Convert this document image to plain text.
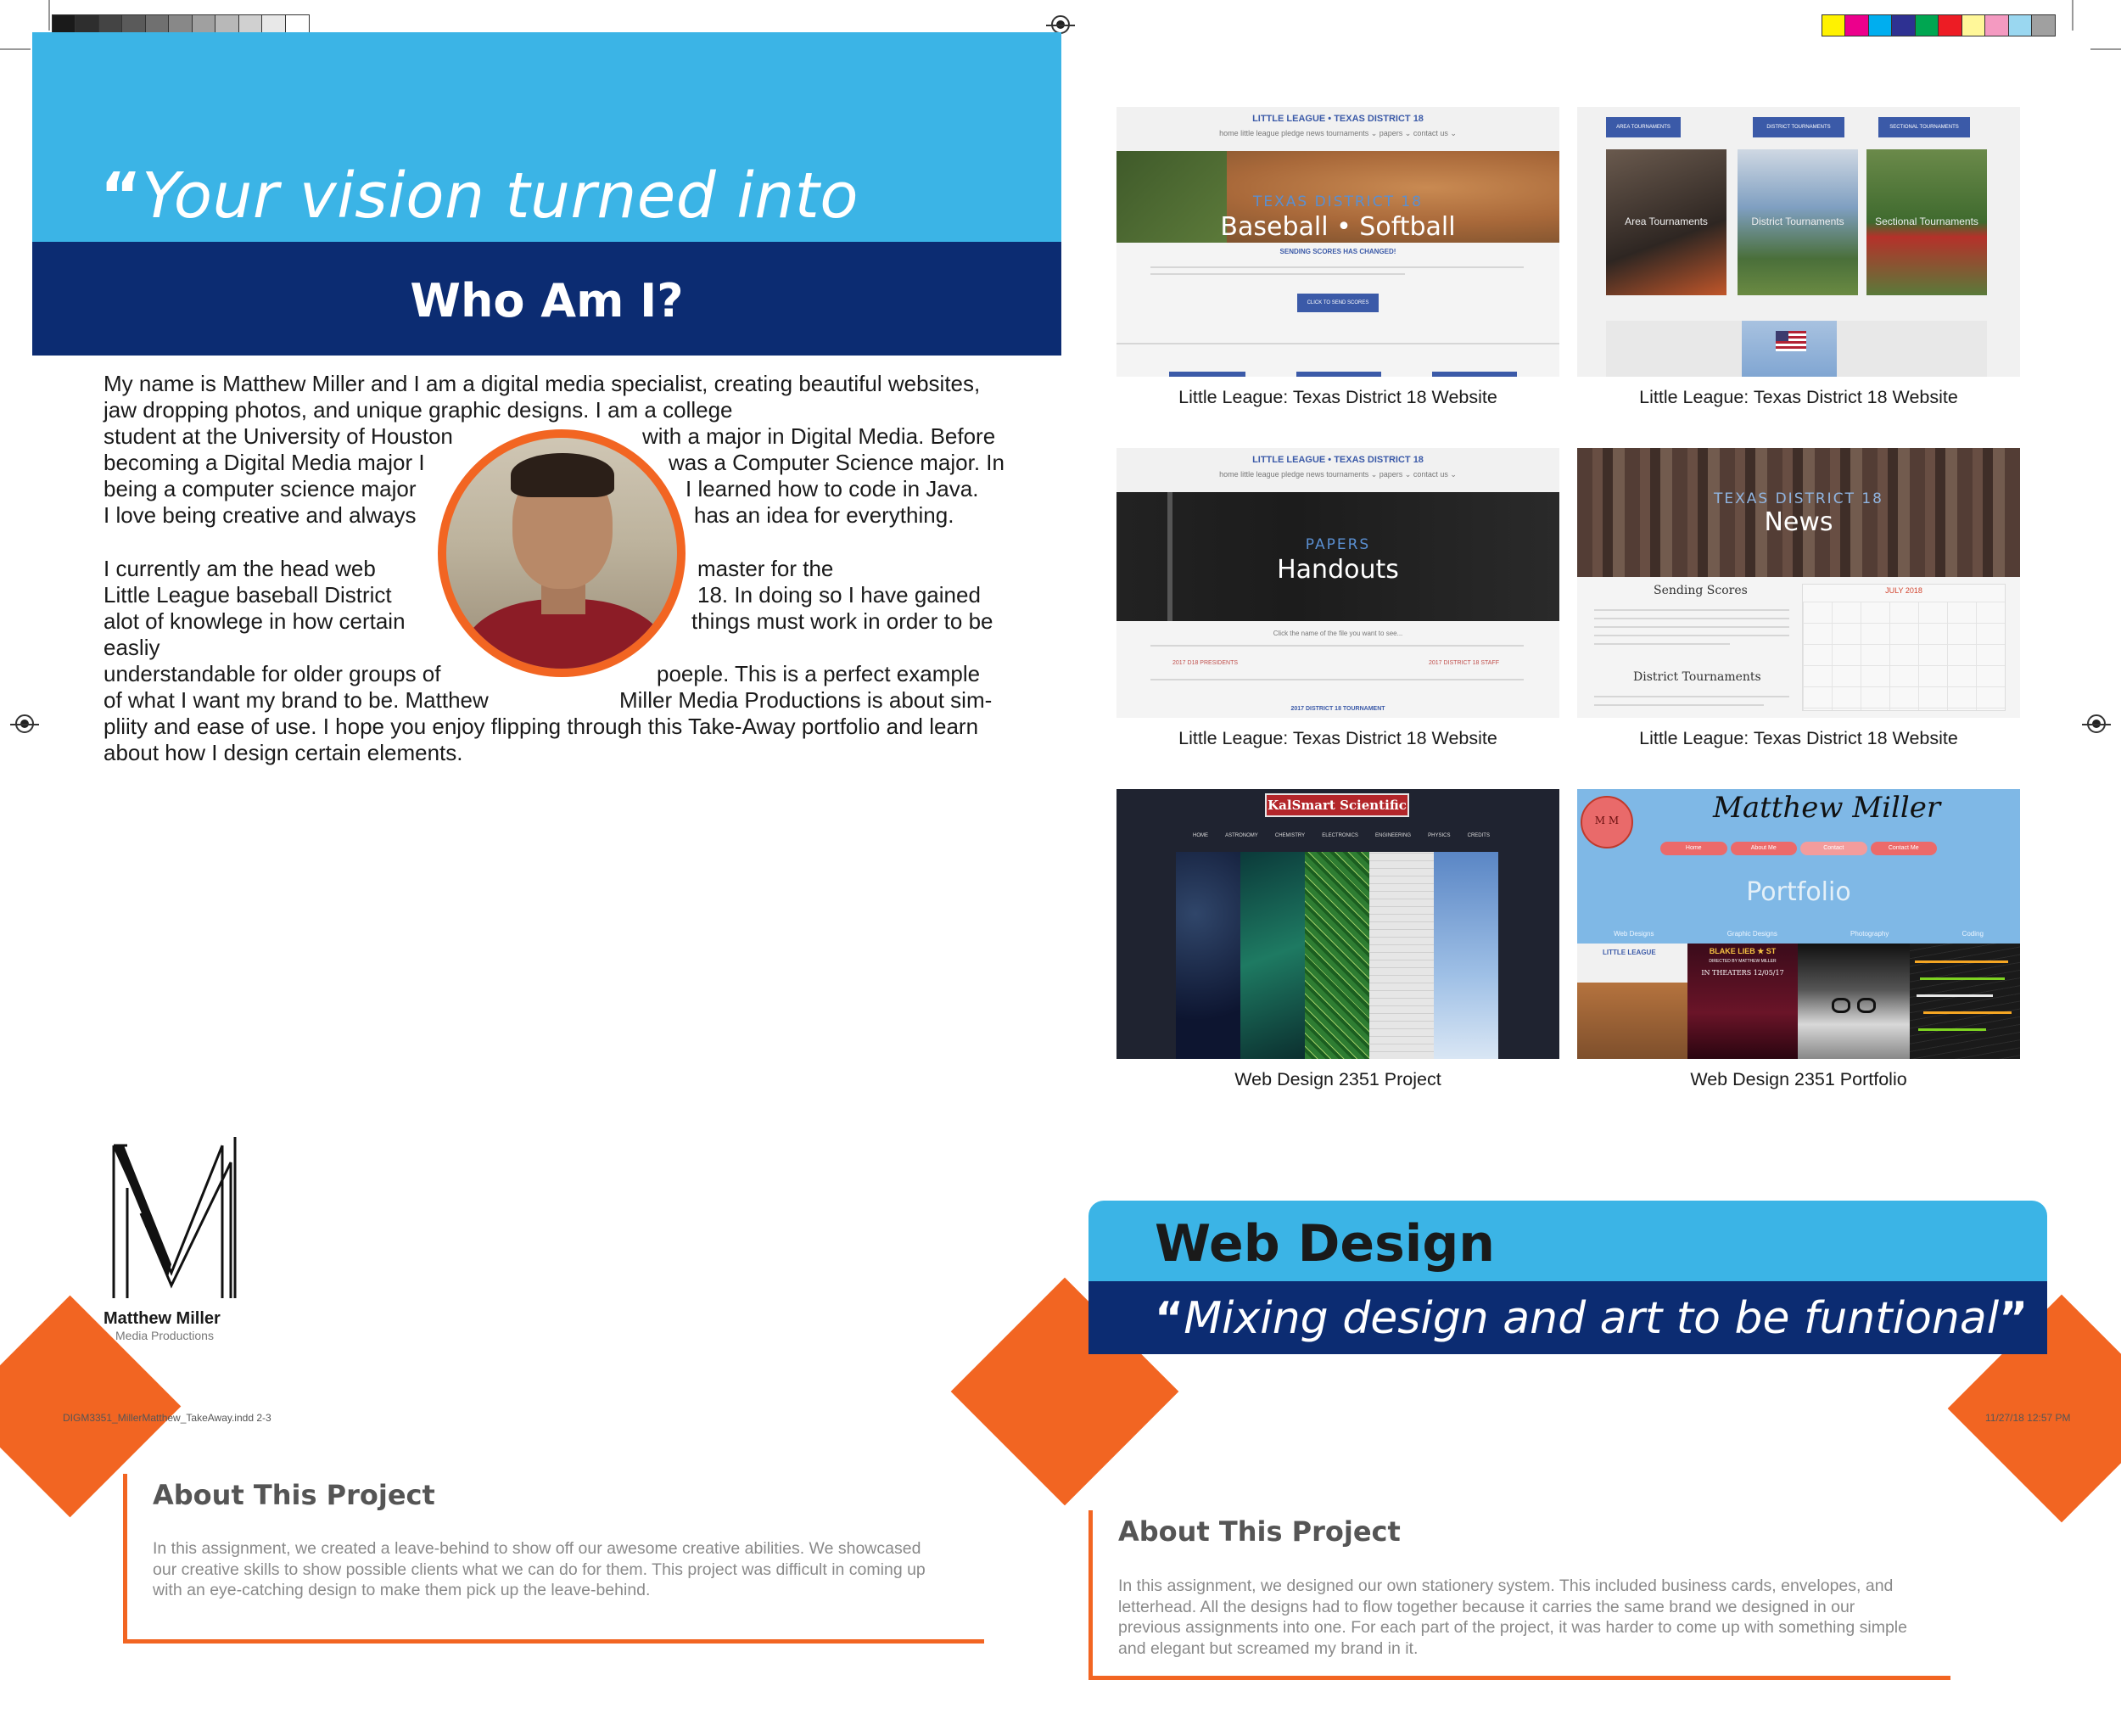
“Your vision turned into
Who Am I?
My name is Matthew Miller and I am a digital media specialist, creating beautiful websites,
jaw dropping photos, and unique graphic designs. I am a college
student at the University of Houston	with a major in Digital Media. Before
becoming a Digital Media major I	was a Computer Science major. In
being a computer science major	I learned how to code in Java.
I love being creative and always	has an idea for everything.
I currently am the head web	master for the
Little League baseball District	18. In doing so I have gained
alot of knowlege in how certain	things must work in order to be
easliy
understandable for older groups of	poeple. This is a perfect example
of what I want my brand to be. Matthew	Miller Media Productions is about sim-
pliity and ease of use. I hope you enjoy flipping through this Take-Away portfolio and learn
about how I design certain elements.
Matthew Miller
Media Productions
DIGM3351_MillerMatthew_TakeAway.indd 2-3
About This Project
In this assignment, we created a leave-behind to show off our awesome creative abilities. We showcased
our creative skills to show possible clients what we can do for them. This project was difficult in coming up
with an eye-catching design to make them pick up the leave-behind.
LITTLE LEAGUE • TEXAS DISTRICT 18
home little league pledge news tournaments ⌄ papers ⌄ contact us ⌄
TEXAS DISTRICT 18
Baseball • Softball
SENDING SCORES HAS CHANGED!
CLICK TO SEND SCORES
Little League: Texas District 18 Website
AREA TOURNAMENTS	DISTRICT TOURNAMENTS	SECTIONAL TOURNAMENTS
Area Tournaments	District Tournaments	Sectional Tournaments
Little League: Texas District 18 Website
LITTLE LEAGUE • TEXAS DISTRICT 18
home little league pledge news tournaments ⌄ papers ⌄ contact us ⌄
PAPERS
Handouts
Click the name of the file you want to see...
2017 D18 PRESIDENTS	2017 DISTRICT 18 STAFF
2017 DISTRICT 18 TOURNAMENT
Little League: Texas District 18 Website
TEXAS DISTRICT 18
News
Sending Scores
District Tournaments
JULY 2018
Little League: Texas District 18 Website
KalSmart Scientific
HOME	ASTRONOMY	CHEMISTRY	ELECTRONICS	ENGINEERING	PHYSICS	CREDITS
Web Design 2351 Project
M M	Matthew Miller
Home	About Me	Contact	Contact Me
Portfolio
Web Designs	Graphic Designs	Photography	Coding
LITTLE LEAGUE	BLAKE LIEB ★ ST
DIRECTED BY MATTHEW MILLER
IN THEATERS 12/05/17
Web Design 2351 Portfolio
Web Design
“Mixing design and art to be funtional”
11/27/18 12:57 PM
About This Project
In this assignment, we designed our own stationery system. This included business cards, envelopes, and
letterhead. All the designs had to flow together because it carries the same brand we designed in our
previous assignments into one. For each part of the project, it was harder to come up with something simple
and elegant but screamed my brand in it.
